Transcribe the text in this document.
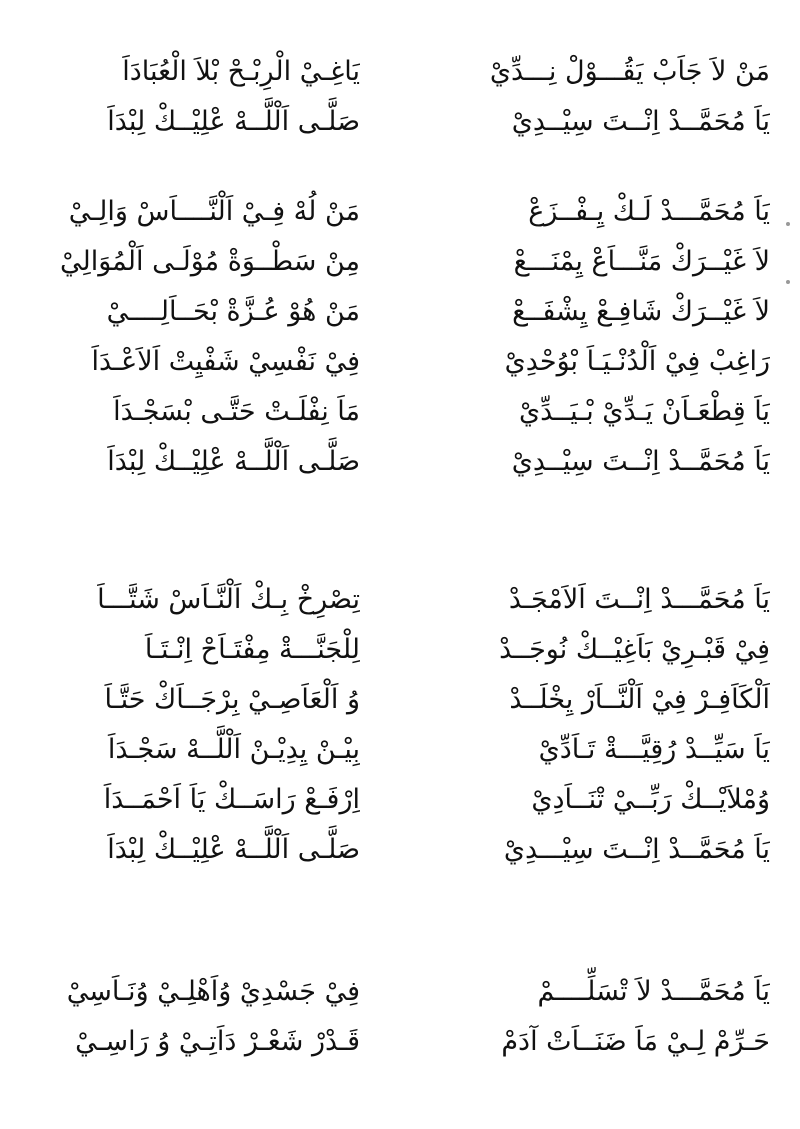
مَنْ لاَ جَاَبْ يَقُـــوْلْ نِـــدِّيْ
يَاغِـيْ الْرِبْـحْ بْلاَ الْعُبَادَاَ
يَاَ مُحَمَّــدْ اِنْــتَ سِيْــدِيْ
صَلَّـى اَلْلَّــهْ عْلِيْــكْ لِبْدَاَ
يَاَ مُحَمَّـــدْ لَـكْ يِـفْــزَعْ
مَنْ لُهْ فِـيْ اَلْنَّــــاَسْ وَالِـيْ
لاَ غَيْــرَكْ مَنَّـــاَعْ يِمْنَـــعْ
مِنْ سَطْــوَةْ مُوْلَـى اَلْمُوَالِيْ
لاَ غَيْــرَكْ شَافِـعْ يِشْفَــعْ
مَنْ هُوْ عُـزَّةْ بْحَــاَلِــــيْ
رَاغِبْ فِيْ اَلْدُنْـيَـاَ بْوُحْدِيْ
فِيْ نَفْسِيْ شَفْيِتْ اَلاَعْـدَاَ
يَاَ قِطْعَـاَنْ يَـدِّيْ بْـيَــدِّيْ
مَاَ نِفْلَـتْ حَتَّـى بْسَجْـدَاَ
يَاَ مُحَمَّــدْ اِنْــتَ سِيْــدِيْ
صَلَّـى اَلْلَّــهْ عْلِيْــكْ لِبْدَاَ
يَاَ مُحَمَّـــدْ اِنْــتَ اَلاَمْجَـدْ
تِصْرِخْ بِـكْ اَلْنَّـاَسْ شَتَّـــاَ
فِيْ قَبْـرِيْ بَاَغِيْــكْ نُوجَــدْ
لِلْجَنَّـــةْ مِفْتَـاَحْ اِنْـتَـاَ
اَلْكَاَفِـرْ فِيْ اَلْنَّــاَرْ يِخْلَــدْ
وُ اَلْعَاَصِـيْ بِرْجَــاَكْ حَتَّـاَ
يَاَ سَيِّــدْ رُقِيَّـــةْ تَـاَدِّيْ
بِيْـنْ يِدِيْـنْ اَلْلَّــهْ سَجْـدَاَ
وُمْلاَيْــكْ رَبِّــيْ تْنَــاَدِيْ
اِرْفَـعْ رَاسَــكْ يَاَ اَحْمَــدَاَ
يَاَ مُحَمَّــدْ اِنْــتَ سِيْـــدِيْ
صَلَّـى اَلْلَّــهْ عْلِيْــكْ لِبْدَاَ
يَاَ مُحَمَّـــدْ لاَ تْسَلِّــــمْ
فِيْ جَسْدِيْ وُاَهْلِـيْ وُنَـاَسِيْ
حَـرِّمْ لِـيْ مَاَ ضَنَــاَتْ آدَمْ
قَـدْرْ شَعْـرْ دَاَتِـيْ وُ رَاسِـيْ
